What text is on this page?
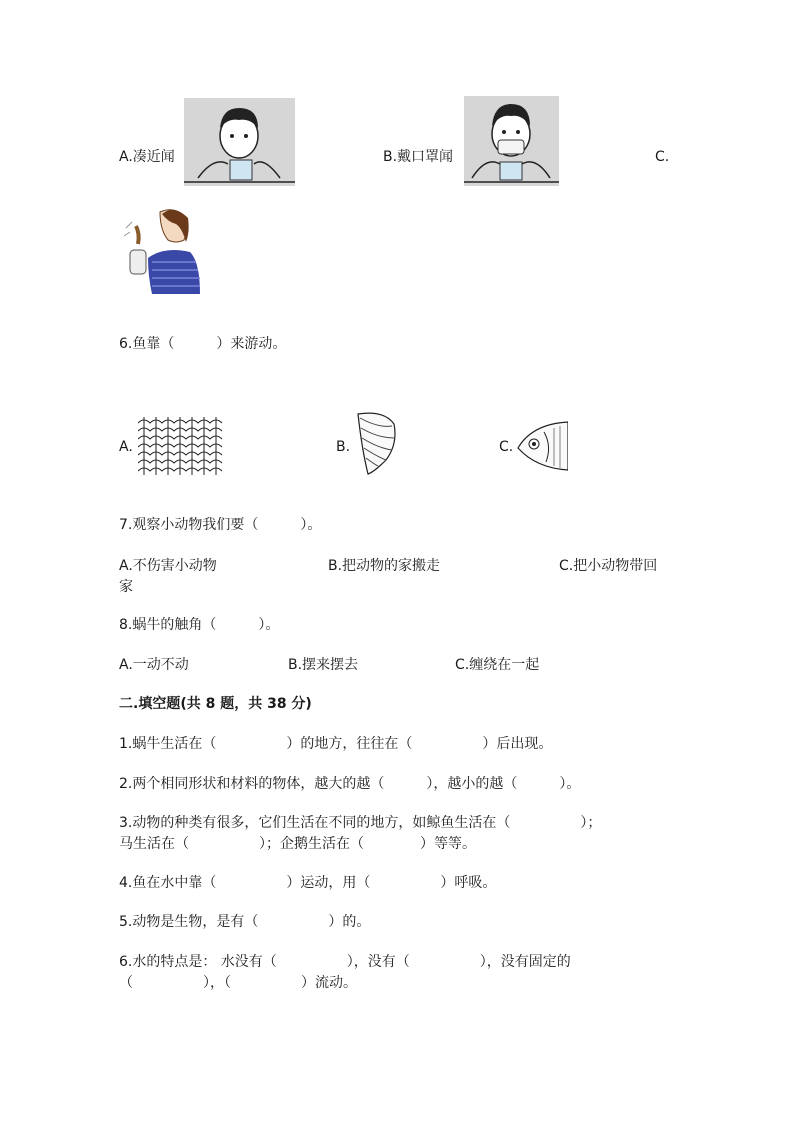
A.凑近闻	B.戴口罩闻	C.
6.鱼靠（　　　）来游动。
A.	B.	C.
7.观察小动物我们要（　　　）。
A.不伤害小动物	B.把动物的家搬走	C.把小动物带回
家
8.蜗牛的触角（　　　）。
A.一动不动	B.摆来摆去	C.缠绕在一起
二.填空题(共 8 题，共 38 分)
1.蜗牛生活在（　　　　　）的地方，往往在（　　　　　）后出现。
2.两个相同形状和材料的物体，越大的越（　　　），越小的越（　　　）。
3.动物的种类有很多，它们生活在不同的地方，如鲸鱼生活在（　　　　　）；
马生活在（　　　　　）；企鹅生活在（　　　　）等等。
4.鱼在水中靠（　　　　　）运动，用（　　　　　）呼吸。
5.动物是生物，是有（　　　　　）的。
6.水的特点是： 水没有（　　　　　），没有（　　　　　），没有固定的
（　　　　　），（　　　　　）流动。
